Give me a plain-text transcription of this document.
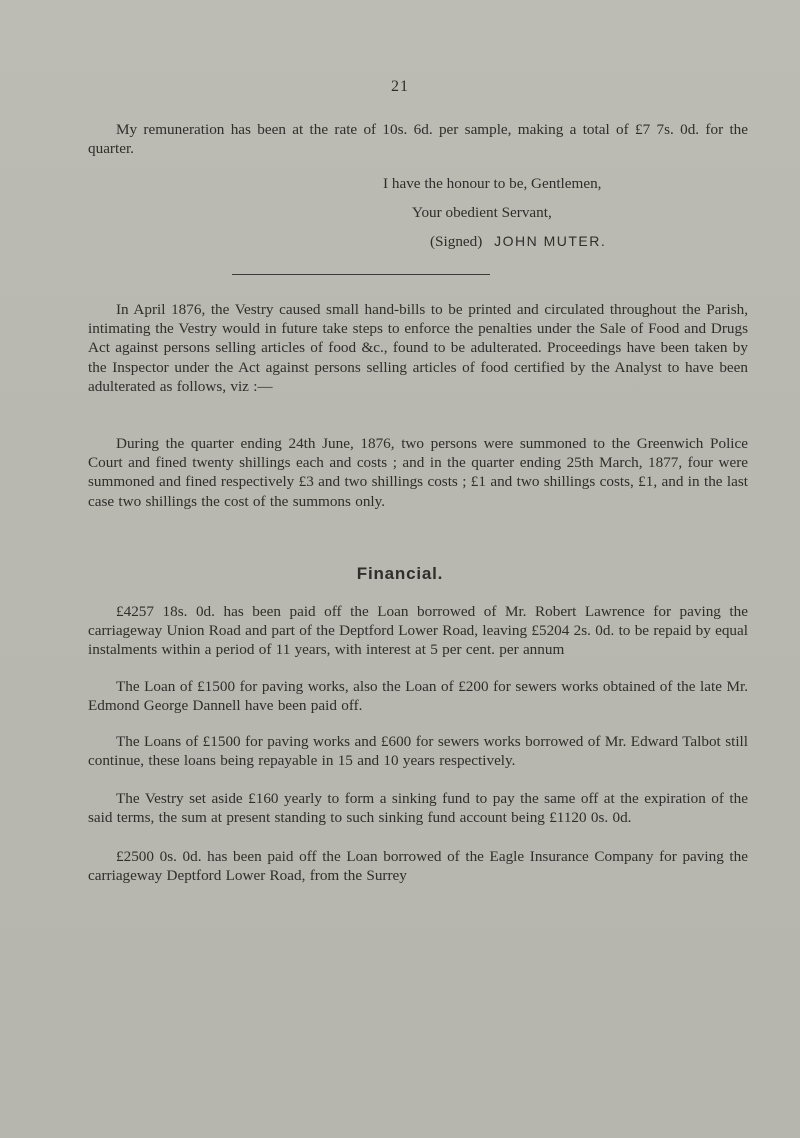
21

My remuneration has been at the rate of 10s. 6d. per sample, making a total of £7 7s. 0d. for the quarter.

I have the honour to be, Gentlemen,
Your obedient Servant,
(Signed) JOHN MUTER.

In April 1876, the Vestry caused small hand-bills to be printed and circulated throughout the Parish, intimating the Vestry would in future take steps to enforce the penalties under the Sale of Food and Drugs Act against persons selling articles of food &c., found to be adulterated. Proceedings have been taken by the Inspector under the Act against persons selling articles of food certified by the Analyst to have been adulterated as follows, viz :—

During the quarter ending 24th June, 1876, two persons were summoned to the Greenwich Police Court and fined twenty shillings each and costs ; and in the quarter ending 25th March, 1877, four were summoned and fined respectively £3 and two shillings costs ; £1 and two shillings costs, £1, and in the last case two shillings the cost of the summons only.

Financial.

£4257 18s. 0d. has been paid off the Loan borrowed of Mr. Robert Lawrence for paving the carriageway Union Road and part of the Deptford Lower Road, leaving £5204 2s. 0d. to be repaid by equal instalments within a period of 11 years, with interest at 5 per cent. per annum

The Loan of £1500 for paving works, also the Loan of £200 for sewers works obtained of the late Mr. Edmond George Dannell have been paid off.

The Loans of £1500 for paving works and £600 for sewers works borrowed of Mr. Edward Talbot still continue, these loans being repayable in 15 and 10 years respectively.

The Vestry set aside £160 yearly to form a sinking fund to pay the same off at the expiration of the said terms, the sum at present standing to such sinking fund account being £1120 0s. 0d.

£2500 0s. 0d. has been paid off the Loan borrowed of the Eagle Insurance Company for paving the carriageway Deptford Lower Road, from the Surrey
